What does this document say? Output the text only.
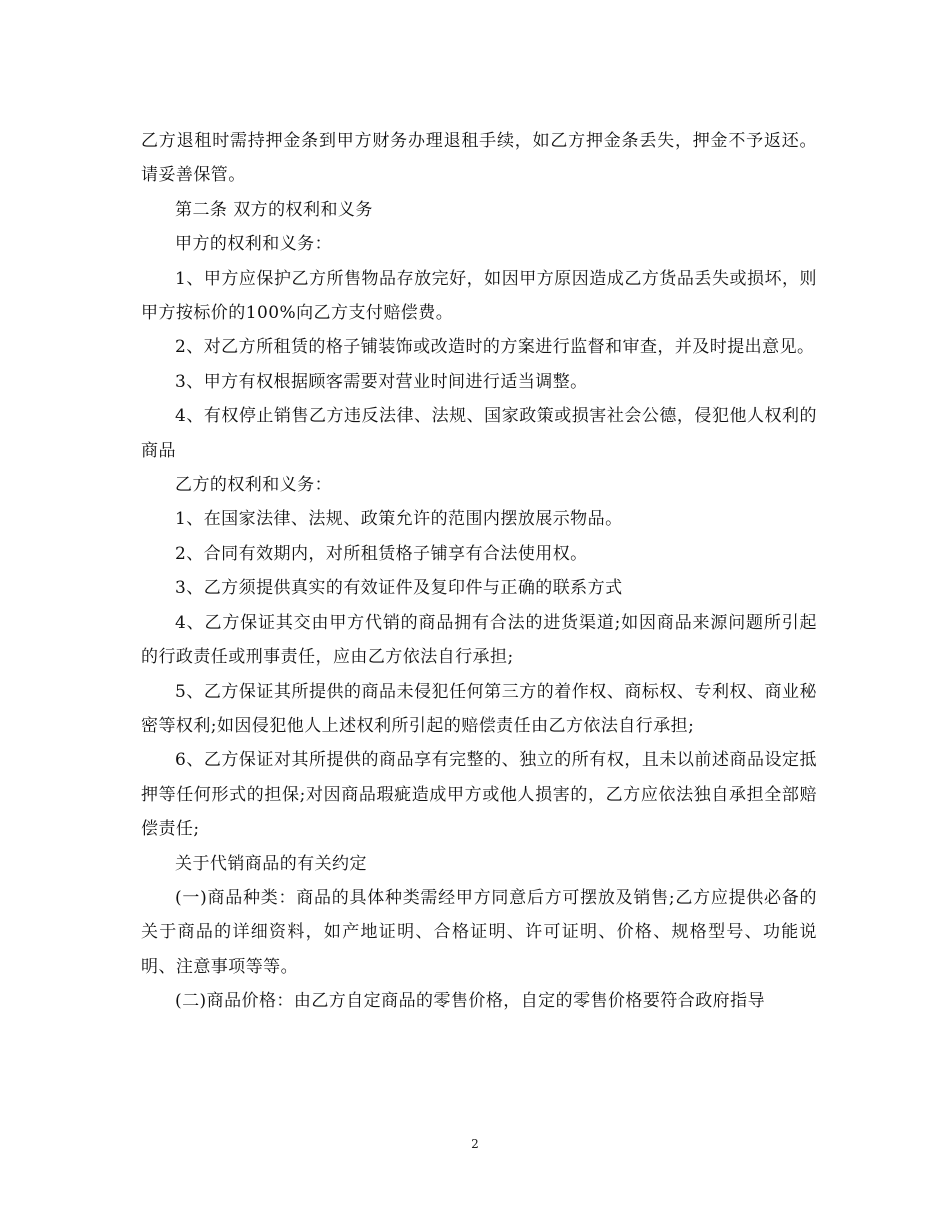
乙方退租时需持押金条到甲方财务办理退租手续，如乙方押金条丢失，押金不予返还。请妥善保管。

第二条 双方的权利和义务

甲方的权利和义务：

1、甲方应保护乙方所售物品存放完好，如因甲方原因造成乙方货品丢失或损坏，则甲方按标价的100%向乙方支付赔偿费。

2、对乙方所租赁的格子铺装饰或改造时的方案进行监督和审查，并及时提出意见。

3、甲方有权根据顾客需要对营业时间进行适当调整。

4、有权停止销售乙方违反法律、法规、国家政策或损害社会公德，侵犯他人权利的商品

乙方的权利和义务：

1、在国家法律、法规、政策允许的范围内摆放展示物品。

2、合同有效期内，对所租赁格子铺享有合法使用权。

3、乙方须提供真实的有效证件及复印件与正确的联系方式

4、乙方保证其交由甲方代销的商品拥有合法的进货渠道;如因商品来源问题所引起的行政责任或刑事责任，应由乙方依法自行承担;

5、乙方保证其所提供的商品未侵犯任何第三方的着作权、商标权、专利权、商业秘密等权利;如因侵犯他人上述权利所引起的赔偿责任由乙方依法自行承担;

6、乙方保证对其所提供的商品享有完整的、独立的所有权，且未以前述商品设定抵押等任何形式的担保;对因商品瑕疵造成甲方或他人损害的，乙方应依法独自承担全部赔偿责任;

关于代销商品的有关约定

(一)商品种类：商品的具体种类需经甲方同意后方可摆放及销售;乙方应提供必备的关于商品的详细资料，如产地证明、合格证明、许可证明、价格、规格型号、功能说明、注意事项等等。

(二)商品价格：由乙方自定商品的零售价格，自定的零售价格要符合政府指导

2
